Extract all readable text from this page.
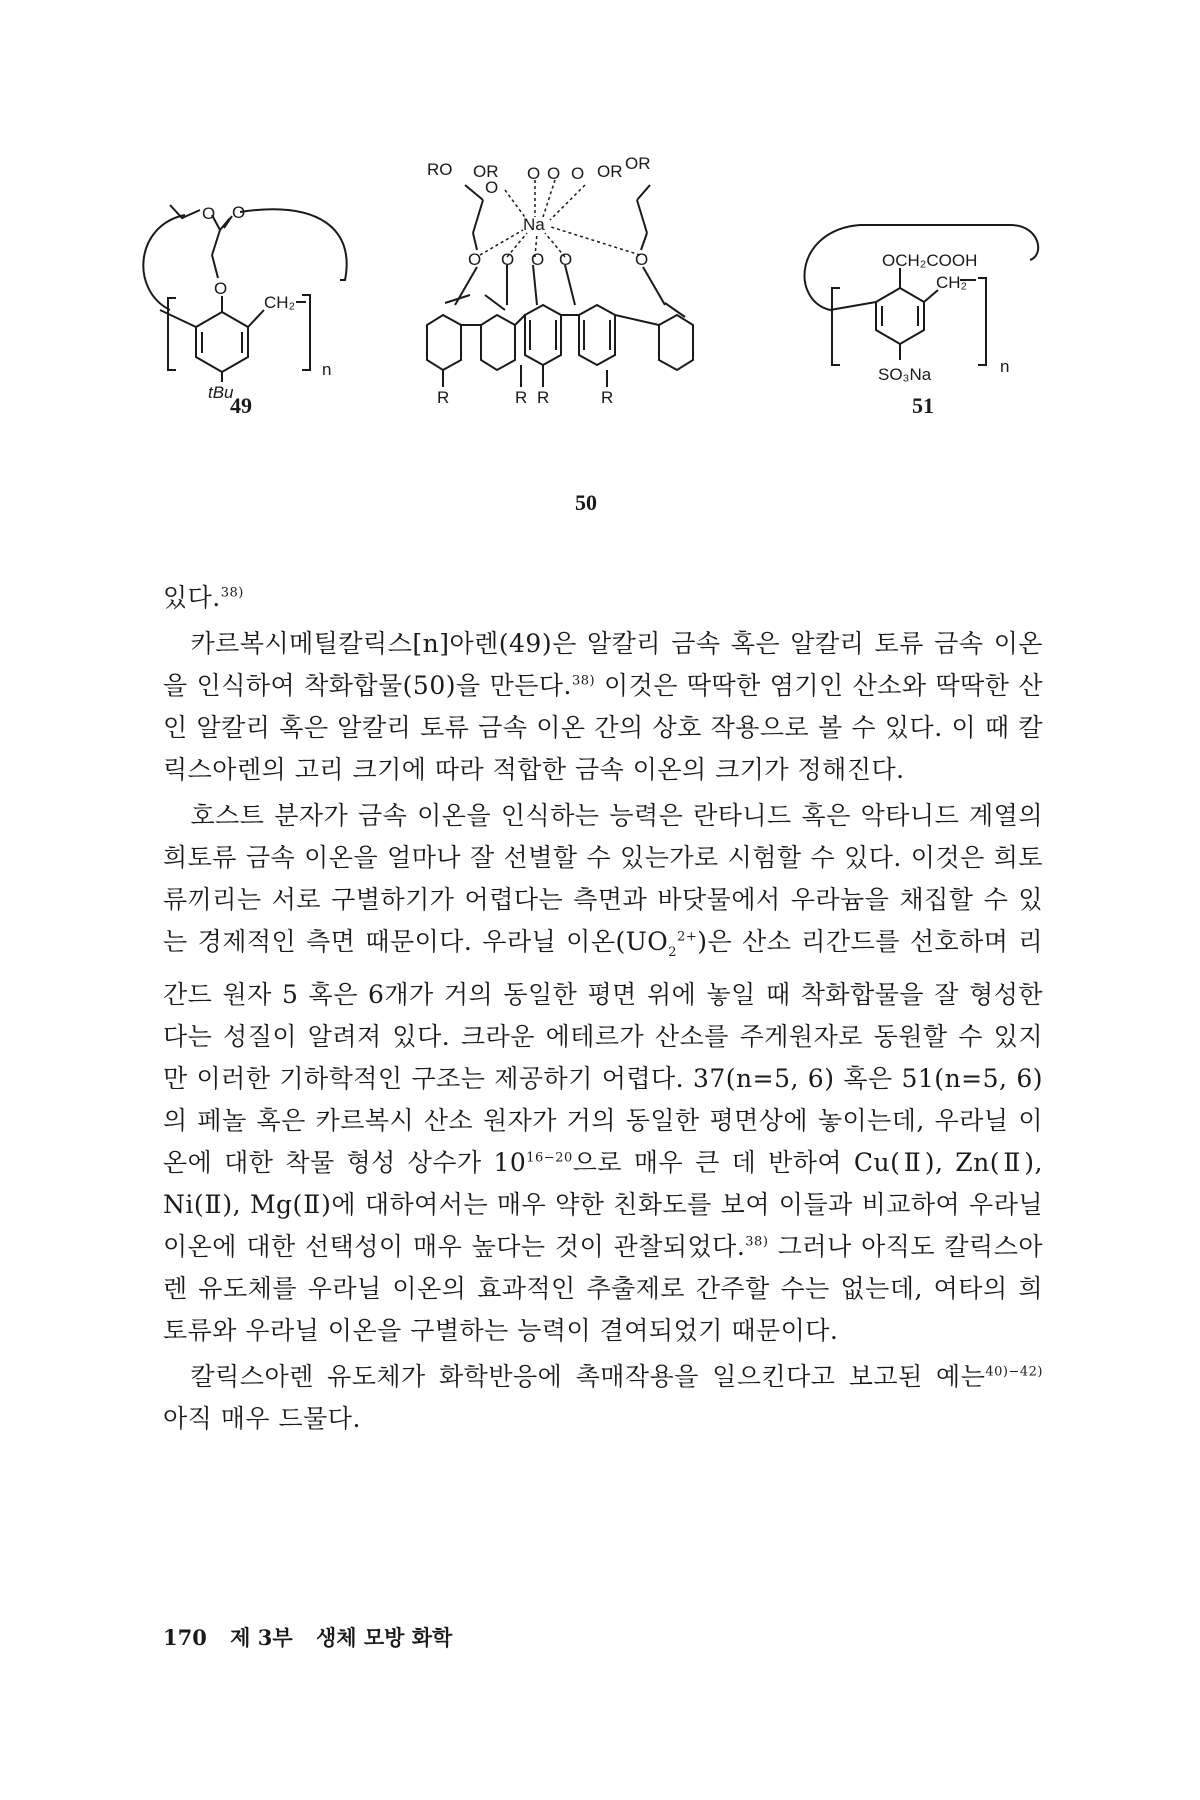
O O
O
CH₂
tBu
n
49
RO OR	OR OR
O O O
O
Na
O O O O	O
R	R R	R
50
OCH₂COOH
CH₂
SO₃Na	n
51

있다.$^{38)}$

카르복시메틸칼릭스[n]아렌(49)은 알칼리 금속 혹은 알칼리 토류 금속 이온을 인식하여 착화합물(50)을 만든다.$^{38)}$ 이것은 딱딱한 염기인 산소와 딱딱한 산인 알칼리 혹은 알칼리 토류 금속 이온 간의 상호 작용으로 볼 수 있다. 이 때 칼릭스아렌의 고리 크기에 따라 적합한 금속 이온의 크기가 정해진다.

호스트 분자가 금속 이온을 인식하는 능력은 란타니드 혹은 악타니드 계열의 희토류 금속 이온을 얼마나 잘 선별할 수 있는가로 시험할 수 있다. 이것은 희토류끼리는 서로 구별하기가 어렵다는 측면과 바닷물에서 우라늄을 채집할 수 있는 경제적인 측면 때문이다. 우라닐 이온$(UO_2^{2+})$은 산소 리간드를 선호하며 리간드 원자 5 혹은 6개가 거의 동일한 평면 위에 놓일 때 착화합물을 잘 형성한다는 성질이 알려져 있다. 크라운 에테르가 산소를 주게원자로 동원할 수 있지만 이러한 기하학적인 구조는 제공하기 어렵다. 37(n=5, 6) 혹은 51(n=5, 6)의 페놀 혹은 카르복시 산소 원자가 거의 동일한 평면상에 놓이는데, 우라닐 이온에 대한 착물 형성 상수가 $10^{16-20}$으로 매우 큰 데 반하여 Cu(Ⅱ), Zn(Ⅱ), Ni(Ⅱ), Mg(Ⅱ)에 대하여서는 매우 약한 친화도를 보여 이들과 비교하여 우라닐 이온에 대한 선택성이 매우 높다는 것이 관찰되었다.$^{38)}$ 그러나 아직도 칼릭스아렌 유도체를 우라닐 이온의 효과적인 추출제로 간주할 수는 없는데, 여타의 희토류와 우라닐 이온을 구별하는 능력이 결여되었기 때문이다.

칼릭스아렌 유도체가 화학반응에 촉매작용을 일으킨다고 보고된 예는$^{40)-42)}$ 아직 매우 드물다.

170 제 3부 생체 모방 화학
